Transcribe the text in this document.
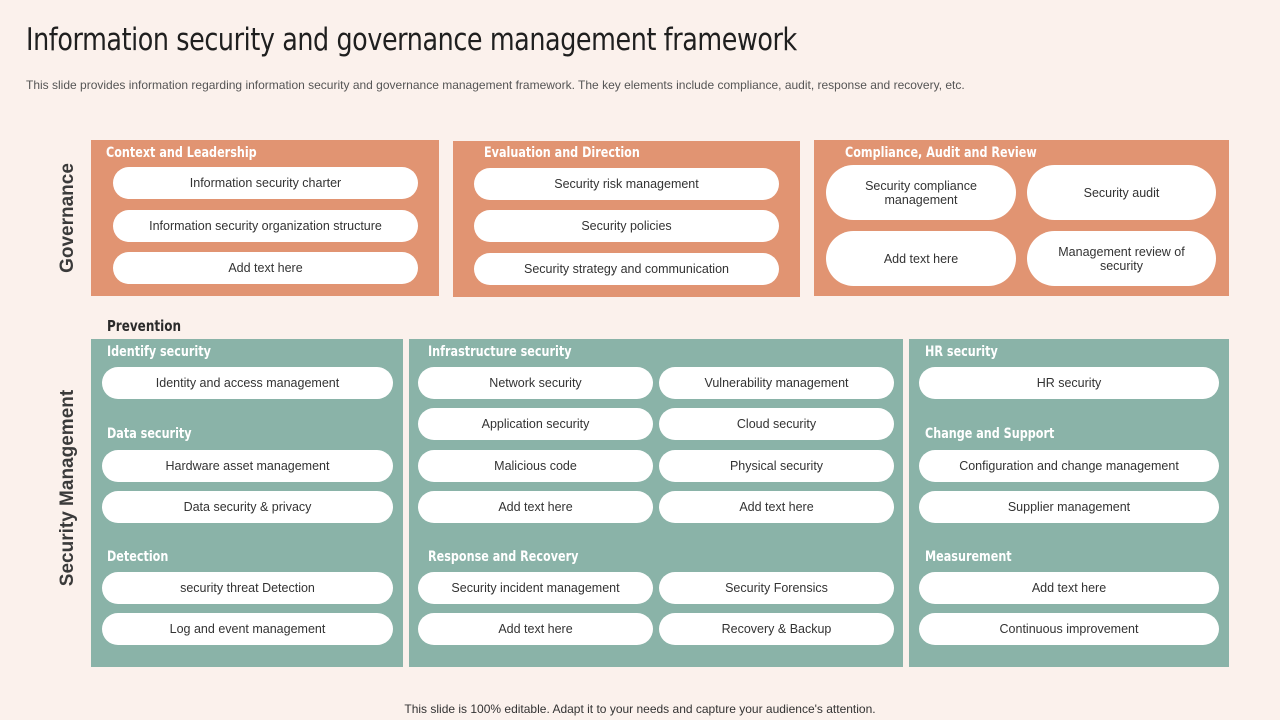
Information security and governance management framework
This slide provides information regarding information security and governance management framework. The key elements include compliance, audit, response and recovery, etc.
Governance
Security Management
Context and Leadership
Information security charter
Information security organization structure
Add text here
Evaluation and Direction
Security risk management
Security policies
Security strategy and communication
Compliance, Audit and Review
Security compliance management	Security audit
Add text here	Management review of security
Prevention
Identify security
Identity and access management
Data security
Hardware asset management
Data security & privacy
Detection
security threat Detection
Log and event management
Infrastructure security
Network security	Vulnerability management
Application security	Cloud security
Malicious code	Physical security
Add text here	Add text here
Response and Recovery
Security incident management	Security Forensics
Add text here	Recovery & Backup
HR security
HR security
Change and Support
Configuration and change management
Supplier management
Measurement
Add text here
Continuous improvement
This slide is 100% editable. Adapt it to your needs and capture your audience's attention.
